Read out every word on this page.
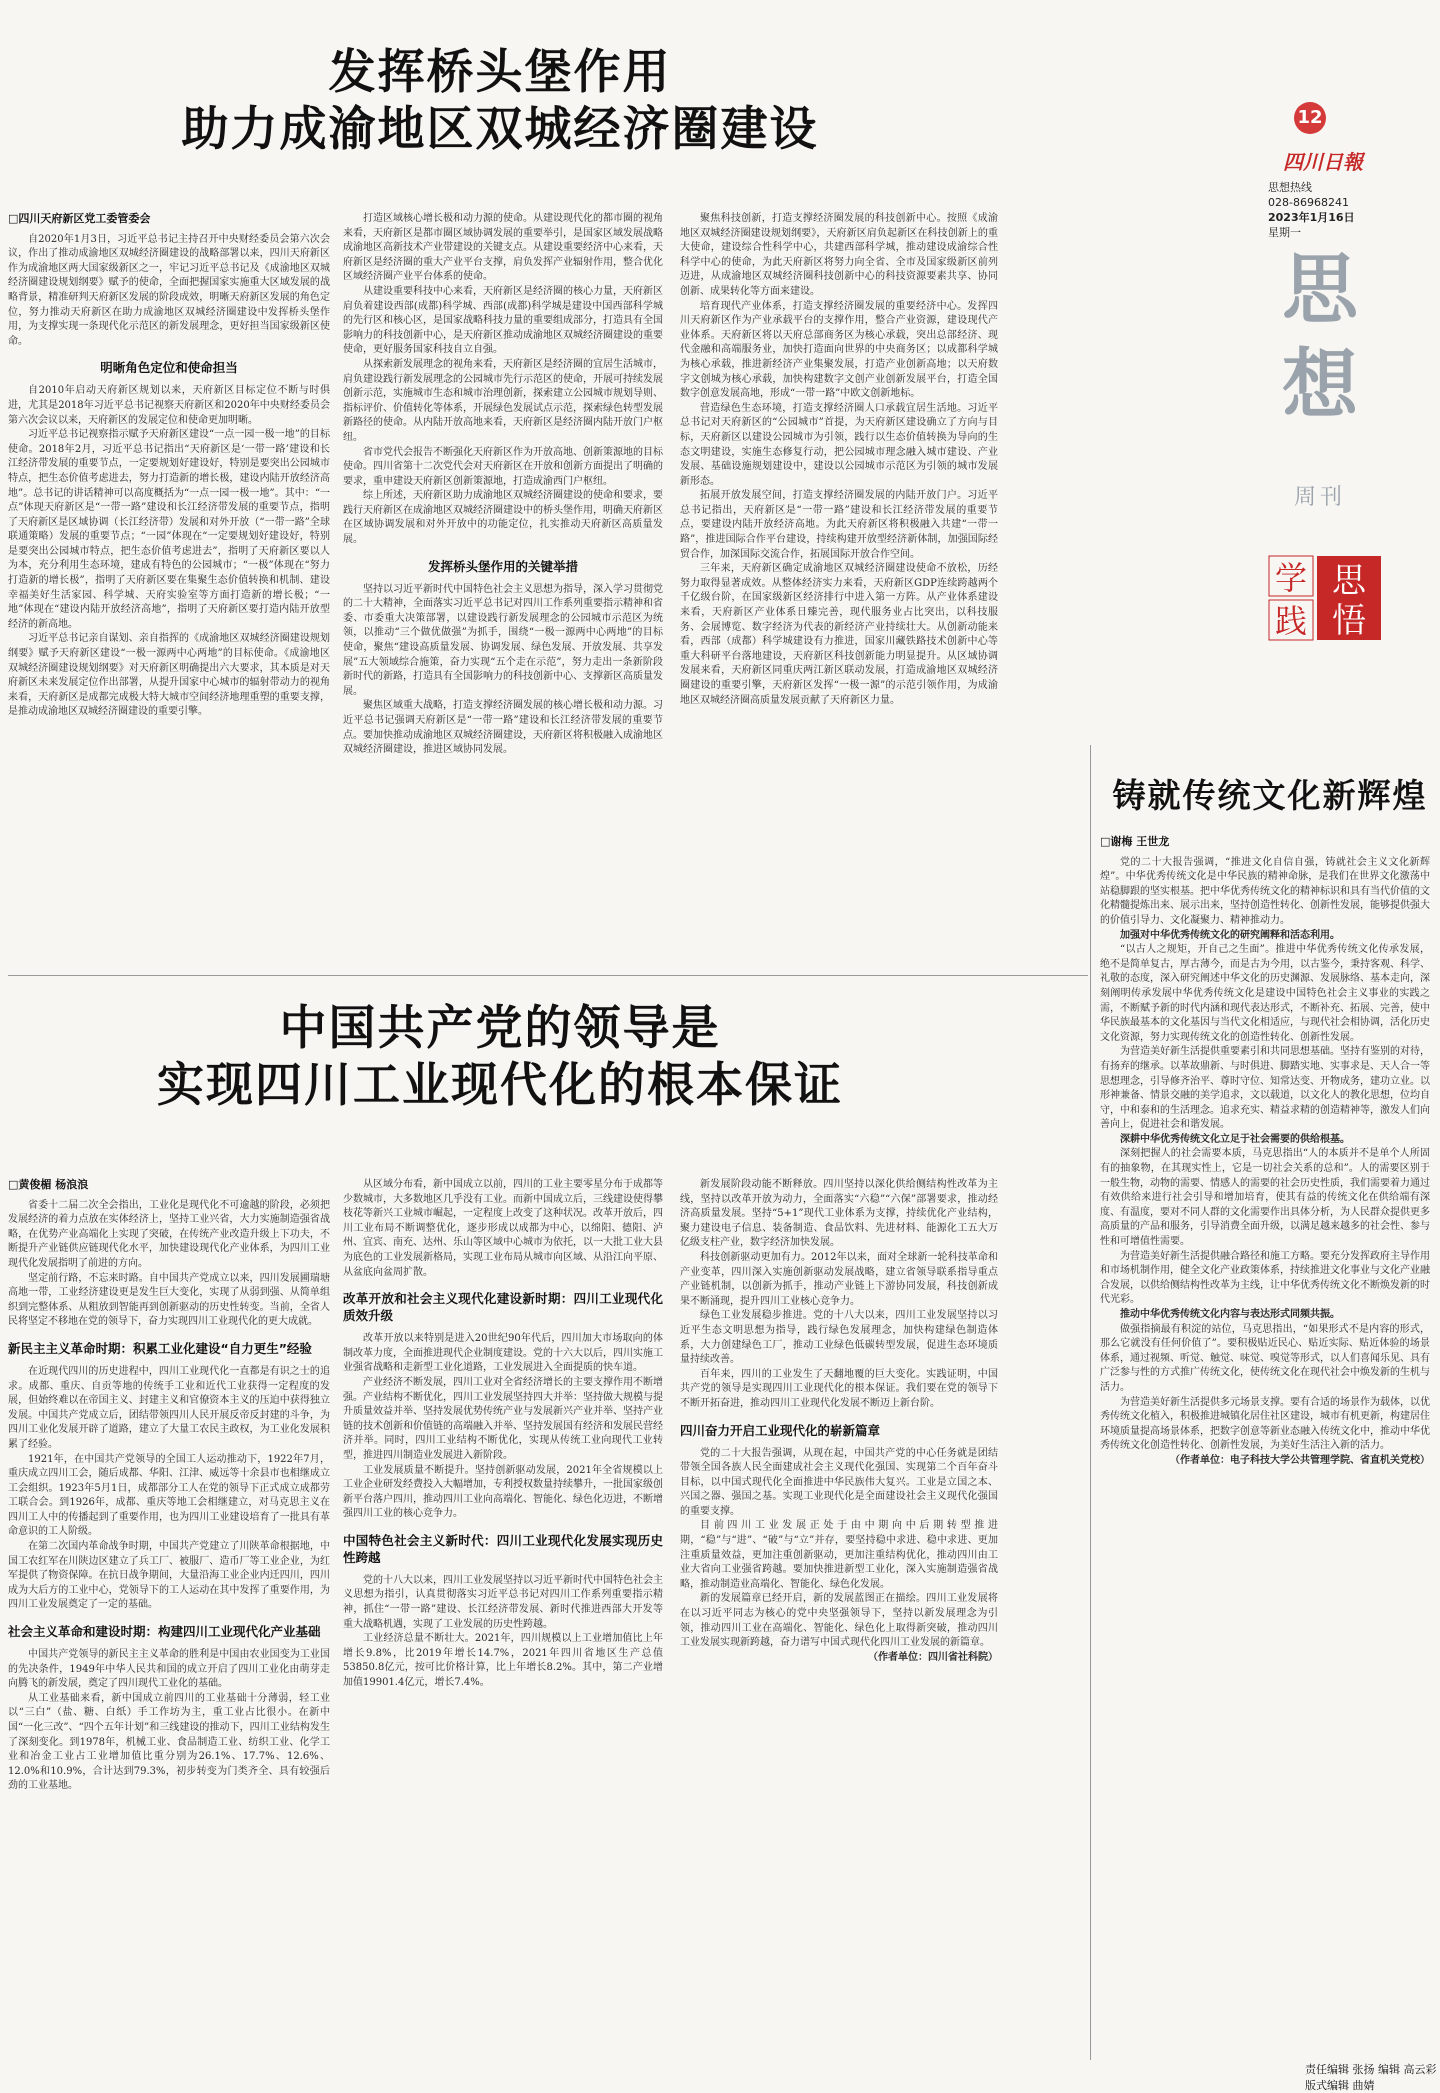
发挥桥头堡作用
助力成渝地区双城经济圈建设	12
四川日報
思想热线
028-86968241
2023年1月16日
星期一
思
想
周刊
学 思
悟
践
□四川天府新区党工委管委会

自2020年1月3日，习近平总书记主持召开中央财经委员会第六次会议，作出了推动成渝地区双城经济圈建设的战略部署以来，四川天府新区作为成渝地区两大国家级新区之一，牢记习近平总书记及《成渝地区双城经济圈建设规划纲要》赋予的使命，全面把握国家实施重大区域发展的战略背景，精准研判天府新区发展的阶段成效，明晰天府新区发展的角色定位，努力推动天府新区在助力成渝地区双城经济圈建设中发挥桥头堡作用，为支撑实现一条现代化示范区的新发展理念，更好担当国家级新区使命。

明晰角色定位和使命担当

自2010年启动天府新区规划以来，天府新区目标定位不断与时俱进，尤其是2018年习近平总书记视察天府新区和2020年中央财经委员会第六次会议以来，天府新区的发展定位和使命更加明晰。

习近平总书记视察指示赋予天府新区建设“一点一园一极一地”的目标使命。2018年2月，习近平总书记指出“天府新区是‘一带一路’建设和长江经济带发展的重要节点，一定要规划好建设好，特别是要突出公园城市特点，把生态价值考虑进去，努力打造新的增长极，建设内陆开放经济高地”。总书记的讲话精神可以高度概括为“一点一园一极一地”。其中：“一点”体现天府新区是“一带一路”建设和长江经济带发展的重要节点，指明了天府新区是区域协调（长江经济带）发展和对外开放（“一带一路”全球联通策略）发展的重要节点；“一园”体现在“一定要规划好建设好，特别是要突出公园城市特点，把生态价值考虑进去”，指明了天府新区要以人为本，充分利用生态环境，建成有特色的公园城市；“一极”体现在“努力打造新的增长极”，指明了天府新区要在集聚生态价值转换和机制、建设幸福美好生活家园、科学城、天府实验室等方面打造新的增长极；“一地”体现在“建设内陆开放经济高地”，指明了天府新区要打造内陆开放型经济的新高地。

习近平总书记亲自谋划、亲自指挥的《成渝地区双城经济圈建设规划纲要》赋予天府新区建设“一极一源两中心两地”的目标使命。《成渝地区双城经济圈建设规划纲要》对天府新区明确提出六大要求，其本质是对天府新区未来发展定位作出部署，从提升国家中心城市的辐射带动力的视角来看，天府新区是成都完成极大特大城市空间经济地理重塑的重要支撑，是推动成渝地区双城经济圈建设的重要引擎。

打造区域核心增长极和动力源的使命。从建设现代化的都市圈的视角来看，天府新区是都市圈区域协调发展的重要举引，是国家区域发展战略成渝地区高新技术产业带建设的关键支点。从建设重要经济中心来看，天府新区是经济圈的重大产业平台支撑，肩负发挥产业辐射作用，整合优化区域经济圈产业平台体系的使命。

从建设重要科技中心来看，天府新区是经济圈的核心力量，天府新区肩负着建设西部(成都)科学城、西部(成都)科学城是建设中国西部科学城的先行区和核心区，是国家战略科技力量的重要组成部分，打造具有全国影响力的科技创新中心，是天府新区推动成渝地区双城经济圈建设的重要使命，更好服务国家科技自立自强。

从探索新发展理念的视角来看，天府新区是经济圈的宜居生活城市，肩负建设践行新发展理念的公园城市先行示范区的使命，开展可持续发展创新示范，实施城市生态和城市治理创新，探索建立公园城市规划导则、指标评价、价值转化等体系，开展绿色发展试点示范，探索绿色转型发展新路径的使命。从内陆开放高地来看，天府新区是经济圈内陆开放门户枢纽。

省市党代会报告不断强化天府新区作为开放高地、创新策源地的目标使命。四川省第十二次党代会对天府新区在开放和创新方面提出了明确的要求，重申建设天府新区创新策源地，打造成渝西门户枢纽。

综上所述，天府新区助力成渝地区双城经济圈建设的使命和要求，要践行天府新区在成渝地区双城经济圈建设中的桥头堡作用，明确天府新区在区域协调发展和对外开放中的功能定位，扎实推动天府新区高质量发展。

发挥桥头堡作用的关键举措

坚持以习近平新时代中国特色社会主义思想为指导，深入学习贯彻党的二十大精神，全面落实习近平总书记对四川工作系列重要指示精神和省委、市委重大决策部署，以建设践行新发展理念的公园城市示范区为统领，以推动“三个做优做强”为抓手，围绕“一极一源两中心两地”的目标使命，聚焦“建设高质量发展、协调发展、绿色发展、开放发展、共享发展”五大领域综合施策，奋力实现“五个走在示范”，努力走出一条新阶段新时代的新路，打造具有全国影响力的科技创新中心、支撑新区高质量发展。

聚焦区域重大战略，打造支撑经济圈发展的核心增长极和动力源。习近平总书记强调天府新区是“一带一路”建设和长江经济带发展的重要节点。要加快推动成渝地区双城经济圈建设，天府新区将积极融入成渝地区双城经济圈建设，推进区域协同发展。

聚焦科技创新，打造支撑经济圈发展的科技创新中心。按照《成渝地区双城经济圈建设规划纲要》，天府新区肩负起新区在科技创新上的重大使命，建设综合性科学中心，共建西部科学城，推动建设成渝综合性科学中心的使命，为此天府新区将努力向全省、全市及国家级新区前列迈进，从成渝地区双城经济圈科技创新中心的科技资源要素共享、协同创新、成果转化等方面来建设。

培育现代产业体系，打造支撑经济圈发展的重要经济中心。发挥四川天府新区作为产业承载平台的支撑作用，整合产业资源，建设现代产业体系。天府新区将以天府总部商务区为核心承载，突出总部经济、现代金融和高端服务业，加快打造面向世界的中央商务区；以成都科学城为核心承载，推进新经济产业集聚发展，打造产业创新高地；以天府数字文创城为核心承载，加快构建数字文创产业创新发展平台，打造全国数字创意发展高地，形成“一带一路”中欧文创新地标。

营造绿色生态环境，打造支撑经济圈人口承载宜居生活地。习近平总书记对天府新区的“公园城市”首提，为天府新区建设确立了方向与目标，天府新区以建设公园城市为引领，践行以生态价值转换为导向的生态文明建设，实施生态修复行动，把公园城市理念融入城市建设、产业发展、基础设施规划建设中，建设以公园城市示范区为引领的城市发展新形态。

拓展开放发展空间，打造支撑经济圈发展的内陆开放门户。习近平总书记指出，天府新区是“一带一路”建设和长江经济带发展的重要节点，要建设内陆开放经济高地。为此天府新区将积极融入共建“一带一路”，推进国际合作平台建设，持续构建开放型经济新体制，加强国际经贸合作，加深国际交流合作，拓展国际开放合作空间。

三年来，天府新区确定成渝地区双城经济圈建设使命不放松，历经努力取得显著成效。从整体经济实力来看，天府新区GDP连续跨越两个千亿级台阶，在国家级新区经济排行中进入第一方阵。从产业体系建设来看，天府新区产业体系日臻完善，现代服务业占比突出，以科技服务、会展博览、数字经济为代表的新经济产业持续壮大。从创新动能来看，西部（成都）科学城建设有力推进，国家川藏铁路技术创新中心等重大科研平台落地建设，天府新区科技创新能力明显提升。从区域协调发展来看，天府新区同重庆两江新区联动发展，打造成渝地区双城经济圈建设的重要引擎，天府新区发挥“一极一源”的示范引领作用，为成渝地区双城经济圈高质量发展贡献了天府新区力量。

铸就传统文化新辉煌
□谢梅 王世龙

党的二十大报告强调，“推进文化自信自强，铸就社会主义文化新辉煌”。中华优秀传统文化是中华民族的精神命脉，是我们在世界文化激荡中站稳脚跟的坚实根基。把中华优秀传统文化的精神标识和具有当代价值的文化精髓提炼出来、展示出来，坚持创造性转化、创新性发展，能够提供强大的价值引导力、文化凝聚力、精神推动力。

加强对中华优秀传统文化的研究阐释和活态利用。

“以古人之规矩，开自己之生面”。推进中华优秀传统文化传承发展，绝不是简单复古，厚古薄今，而是古为今用，以古鉴今，秉持客观、科学、礼敬的态度，深入研究阐述中华文化的历史渊源、发展脉络、基本走向，深刻阐明传承发展中华优秀传统文化是建设中国特色社会主义事业的实践之需，不断赋予新的时代内涵和现代表达形式，不断补充、拓展、完善，使中华民族最基本的文化基因与当代文化相适应，与现代社会相协调，活化历史文化资源，努力实现传统文化的创造性转化、创新性发展。

为营造美好新生活提供重要素引和共同思想基础。坚持有鉴别的对待，有扬弃的继承。以革故鼎新、与时俱进、脚踏实地、实事求是、天人合一等思想理念，引导修齐治平、尊时守位、知常达变、开物成务，建功立业。以形神兼备、情景交融的美学追求，文以载道，以文化人的教化思想，位均自守，中和泰和的生活理念。追求充实、精益求精的创造精神等，激发人们向善向上，促进社会和谐发展。

深耕中华优秀传统文化立足于社会需要的供给根基。

深刻把握人的社会需要本质，马克思指出“人的本质并不是单个人所固有的抽象物，在其现实性上，它是一切社会关系的总和”。人的需要区别于一般生物，动物的需要、情感人的需要的社会历史性质，我们需要着力通过有效供给来进行社会引导和增加培育，使其有益的传统文化在供给端有深度、有温度，要对不同人群的文化需要作出具体分析，为人民群众提供更多高质量的产品和服务，引导消费全面升级，以满足越来越多的社会性、参与性和可增值性需要。

为营造美好新生活提供融合路径和施工方略。要充分发挥政府主导作用和市场机制作用，健全文化产业政策体系，持续推进文化事业与文化产业融合发展，以供给侧结构性改革为主线，让中华优秀传统文化不断焕发新的时代光彩。

推动中华优秀传统文化内容与表达形式同频共振。

做强指摘最有积淀的站位，马克思指出，“如果形式不是内容的形式，那么它就没有任何价值了”。要积极贴近民心、贴近实际、贴近体验的场景体系，通过视频、听觉、触觉、味觉、嗅觉等形式，以人们喜闻乐见、具有广泛参与性的方式推广传统文化，使传统文化在现代社会中焕发新的生机与活力。

为营造美好新生活提供多元场景支撑。要有合适的场景作为载体，以优秀传统文化植入，积极推进城镇化居住社区建设，城市有机更新，构建居住环境质量提高场景体系，把数字创意等新业态融入传统文化中，推动中华优秀传统文化创造性转化、创新性发展，为美好生活注入新的活力。

（作者单位：电子科技大学公共管理学院、省直机关党校）

中国共产党的领导是
实现四川工业现代化的根本保证
□黄俊楣 杨浪浪

省委十二届二次全会指出，工业化是现代化不可逾越的阶段，必须把发展经济的着力点放在实体经济上，坚持工业兴省，大力实施制造强省战略，在优势产业高端化上实现了突破，在传统产业改造升级上下功夫，不断提升产业链供应链现代化水平，加快建设现代化产业体系，为四川工业现代化发展指明了前进的方向。

坚定前行路，不忘来时路。自中国共产党成立以来，四川发展圃瑞塘高地一带，工业经济建设更是发生巨大变化，实现了从弱到强、从简单组织到完整体系、从粗放到智能再到创新驱动的历史性转变。当前，全省人民将坚定不移地在党的领导下，奋力实现四川工业现代化的更大成就。

新民主主义革命时期：积累工业化建设“自力更生”经验

在近现代四川的历史进程中，四川工业现代化一直都是有识之士的追求。成都、重庆、自贡等地的传统手工业和近代工业获得一定程度的发展，但始终难以在帝国主义、封建主义和官僚资本主义的压迫中获得独立发展。中国共产党成立后，团结带领四川人民开展反帝反封建的斗争，为四川工业化发展开辟了道路，建立了大量工农民主政权，为工业化发展积累了经验。

1921年，在中国共产党领导的全国工人运动推动下，1922年7月，重庆成立四川工会，随后成都、华阳、江津、威远等十余县市也相继成立工会组织。1923年5月1日，成都部分工人在党的领导下正式成立成都劳工联合会。到1926年，成都、重庆等地工会相继建立，对马克思主义在四川工人中的传播起到了重要作用，也为四川工业建设培育了一批具有革命意识的工人阶级。

在第二次国内革命战争时期，中国共产党建立了川陕革命根据地，中国工农红军在川陕边区建立了兵工厂、被服厂、造币厂等工业企业，为红军提供了物资保障。在抗日战争期间，大量沿海工业企业内迁四川，四川成为大后方的工业中心，党领导下的工人运动在其中发挥了重要作用，为四川工业发展奠定了一定的基础。

社会主义革命和建设时期：构建四川工业现代化产业基础

中国共产党领导的新民主主义革命的胜利是中国由农业国变为工业国的先决条件，1949年中华人民共和国的成立开启了四川工业化由萌芽走向腾飞的新发展，奠定了四川现代工业化的基础。

从工业基础来看，新中国成立前四川的工业基础十分薄弱，轻工业以“三白”（盐、糖、白纸）手工作坊为主，重工业占比很小。在新中国“一化三改”、“四个五年计划”和三线建设的推动下，四川工业结构发生了深刻变化。到1978年，机械工业、食品制造工业、纺织工业、化学工业和冶金工业占工业增加值比重分别为26.1%、17.7%、12.6%、12.0%和10.9%，合计达到79.3%，初步转变为门类齐全、具有较强后劲的工业基地。

从区域分布看，新中国成立以前，四川的工业主要零星分布于成都等少数城市，大多数地区几乎没有工业。而新中国成立后，三线建设使得攀枝花等新兴工业城市崛起，一定程度上改变了这种状况。改革开放后，四川工业布局不断调整优化，逐步形成以成都为中心，以绵阳、德阳、泸州、宜宾、南充、达州、乐山等区域中心城市为依托，以一大批工业大县为底色的工业发展新格局，实现工业布局从城市向区域、从沿江向平原、从盆底向盆周扩散。

改革开放和社会主义现代化建设新时期：四川工业现代化质效升级

改革开放以来特别是进入20世纪90年代后，四川加大市场取向的体制改革力度，全面推进现代企业制度建设。党的十六大以后，四川实施工业强省战略和走新型工业化道路，工业发展进入全面提质的快车道。

产业经济不断发展，四川工业对全省经济增长的主要支撑作用不断增强。产业结构不断优化，四川工业发展坚持四大并举：坚持做大规模与提升质量效益并举、坚持发展优势传统产业与发展新兴产业并举、坚持产业链的技术创新和价值链的高端融入并举、坚持发展国有经济和发展民营经济并举。同时，四川工业结构不断优化，实现从传统工业向现代工业转型，推进四川制造业发展进入新阶段。

工业发展质量不断提升。坚持创新驱动发展，2021年全省规模以上工业企业研发经费投入大幅增加，专利授权数量持续攀升，一批国家级创新平台落户四川，推动四川工业向高端化、智能化、绿色化迈进，不断增强四川工业的核心竞争力。

中国特色社会主义新时代：四川工业现代化发展实现历史性跨越

党的十八大以来，四川工业发展坚持以习近平新时代中国特色社会主义思想为指引，认真贯彻落实习近平总书记对四川工作系列重要指示精神，抓住“一带一路”建设、长江经济带发展、新时代推进西部大开发等重大战略机遇，实现了工业发展的历史性跨越。

工业经济总量不断壮大。2021年，四川规模以上工业增加值比上年增长9.8%，比2019年增长14.7%，2021年四川省地区生产总值53850.8亿元，按可比价格计算，比上年增长8.2%。其中，第二产业增加值19901.4亿元，增长7.4%。

新发展阶段动能不断释放。四川坚持以深化供给侧结构性改革为主线，坚持以改革开放为动力，全面落实“六稳”“六保”部署要求，推动经济高质量发展。坚持“5+1”现代工业体系为支撑，持续优化产业结构，聚力建设电子信息、装备制造、食品饮料、先进材料、能源化工五大万亿级支柱产业，数字经济加快发展。

科技创新驱动更加有力。2012年以来，面对全球新一轮科技革命和产业变革，四川深入实施创新驱动发展战略，建立省领导联系指导重点产业链机制，以创新为抓手，推动产业链上下游协同发展，科技创新成果不断涌现，提升四川工业核心竞争力。

绿色工业发展稳步推进。党的十八大以来，四川工业发展坚持以习近平生态文明思想为指导，践行绿色发展理念，加快构建绿色制造体系，大力创建绿色工厂，推动工业绿色低碳转型发展，促进生态环境质量持续改善。

百年来，四川的工业发生了天翻地覆的巨大变化。实践证明，中国共产党的领导是实现四川工业现代化的根本保证。我们要在党的领导下不断开拓奋进，推动四川工业现代化发展不断迈上新台阶。

四川奋力开启工业现代化的崭新篇章

党的二十大报告强调，从现在起，中国共产党的中心任务就是团结带领全国各族人民全面建成社会主义现代化强国、实现第二个百年奋斗目标，以中国式现代化全面推进中华民族伟大复兴。工业是立国之本、兴国之器、强国之基。实现工业现代化是全面建设社会主义现代化强国的重要支撑。

目前四川工业发展正处于由中期向中后期转型推进期，“稳”与“进”、“破”与“立”并存，要坚持稳中求进、稳中求进、更加注重质量效益，更加注重创新驱动，更加注重结构优化，推动四川由工业大省向工业强省跨越。要加快推进新型工业化，深入实施制造强省战略，推动制造业高端化、智能化、绿色化发展。

新的发展篇章已经开启，新的发展蓝图正在描绘。四川工业发展将在以习近平同志为核心的党中央坚强领导下，坚持以新发展理念为引领，推动四川工业在高端化、智能化、绿色化上取得新突破，推动四川工业发展实现新跨越，奋力谱写中国式现代化四川工业发展的新篇章。

（作者单位：四川省社科院）

责任编辑 张扬 编辑 高云彩 版式编辑 曲婧
